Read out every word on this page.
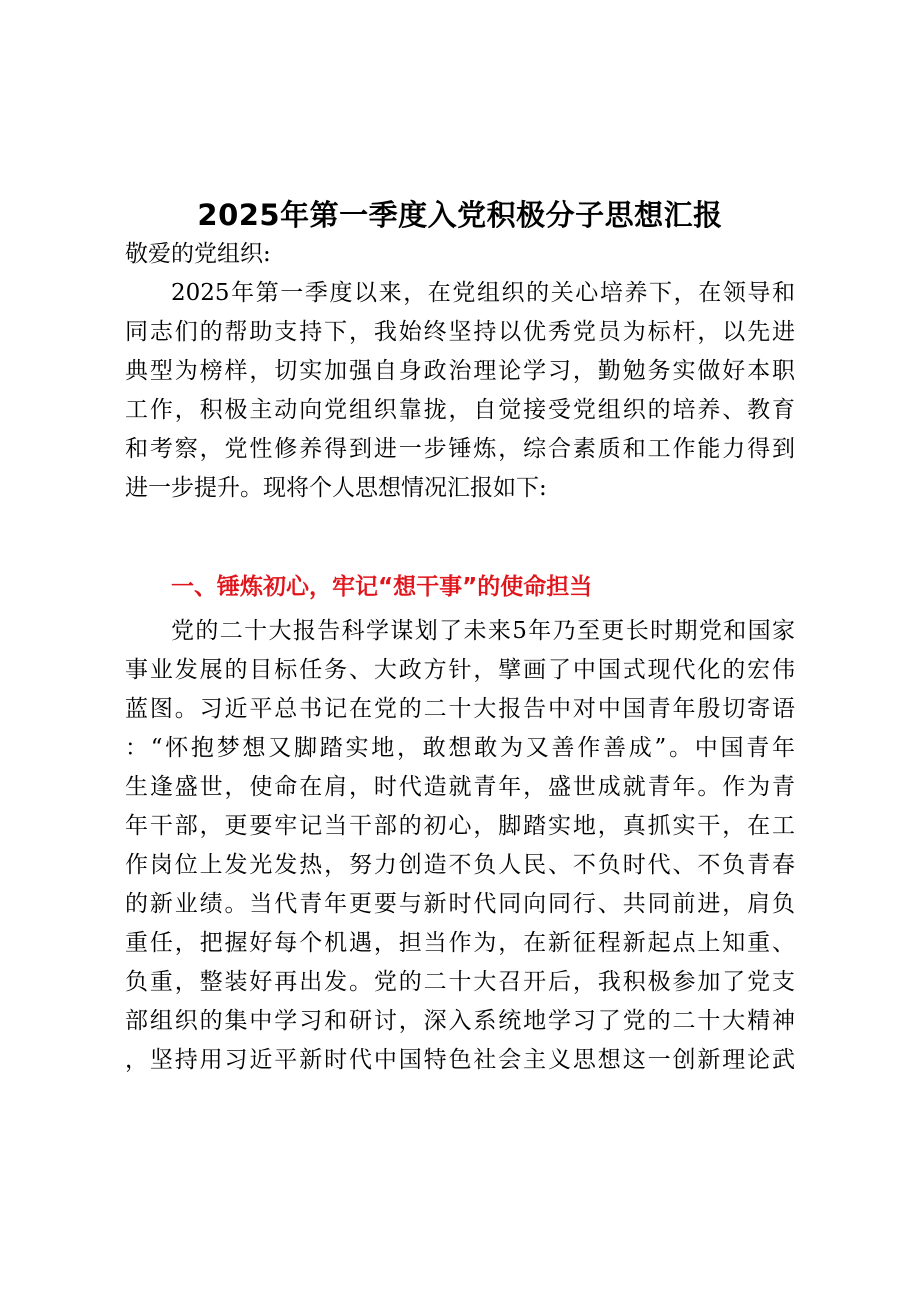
2025年第一季度入党积极分子思想汇报
敬爱的党组织:
2025年第一季度以来，在党组织的关心培养下，在领导和
同志们的帮助支持下，我始终坚持以优秀党员为标杆，以先进
典型为榜样，切实加强自身政治理论学习，勤勉务实做好本职
工作，积极主动向党组织靠拢，自觉接受党组织的培养、教育
和考察，党性修养得到进一步锤炼，综合素质和工作能力得到
进一步提升。现将个人思想情况汇报如下:
一、锤炼初心，牢记“想干事”的使命担当
党的二十大报告科学谋划了未来5年乃至更长时期党和国家
事业发展的目标任务、大政方针，擘画了中国式现代化的宏伟
蓝图。习近平总书记在党的二十大报告中对中国青年殷切寄语
：“怀抱梦想又脚踏实地，敢想敢为又善作善成”。中国青年
生逢盛世，使命在肩，时代造就青年，盛世成就青年。作为青
年干部，更要牢记当干部的初心，脚踏实地，真抓实干，在工
作岗位上发光发热，努力创造不负人民、不负时代、不负青春
的新业绩。当代青年更要与新时代同向同行、共同前进，肩负
重任，把握好每个机遇，担当作为，在新征程新起点上知重、
负重，整装好再出发。党的二十大召开后，我积极参加了党支
部组织的集中学习和研讨，深入系统地学习了党的二十大精神
，坚持用习近平新时代中国特色社会主义思想这一创新理论武
